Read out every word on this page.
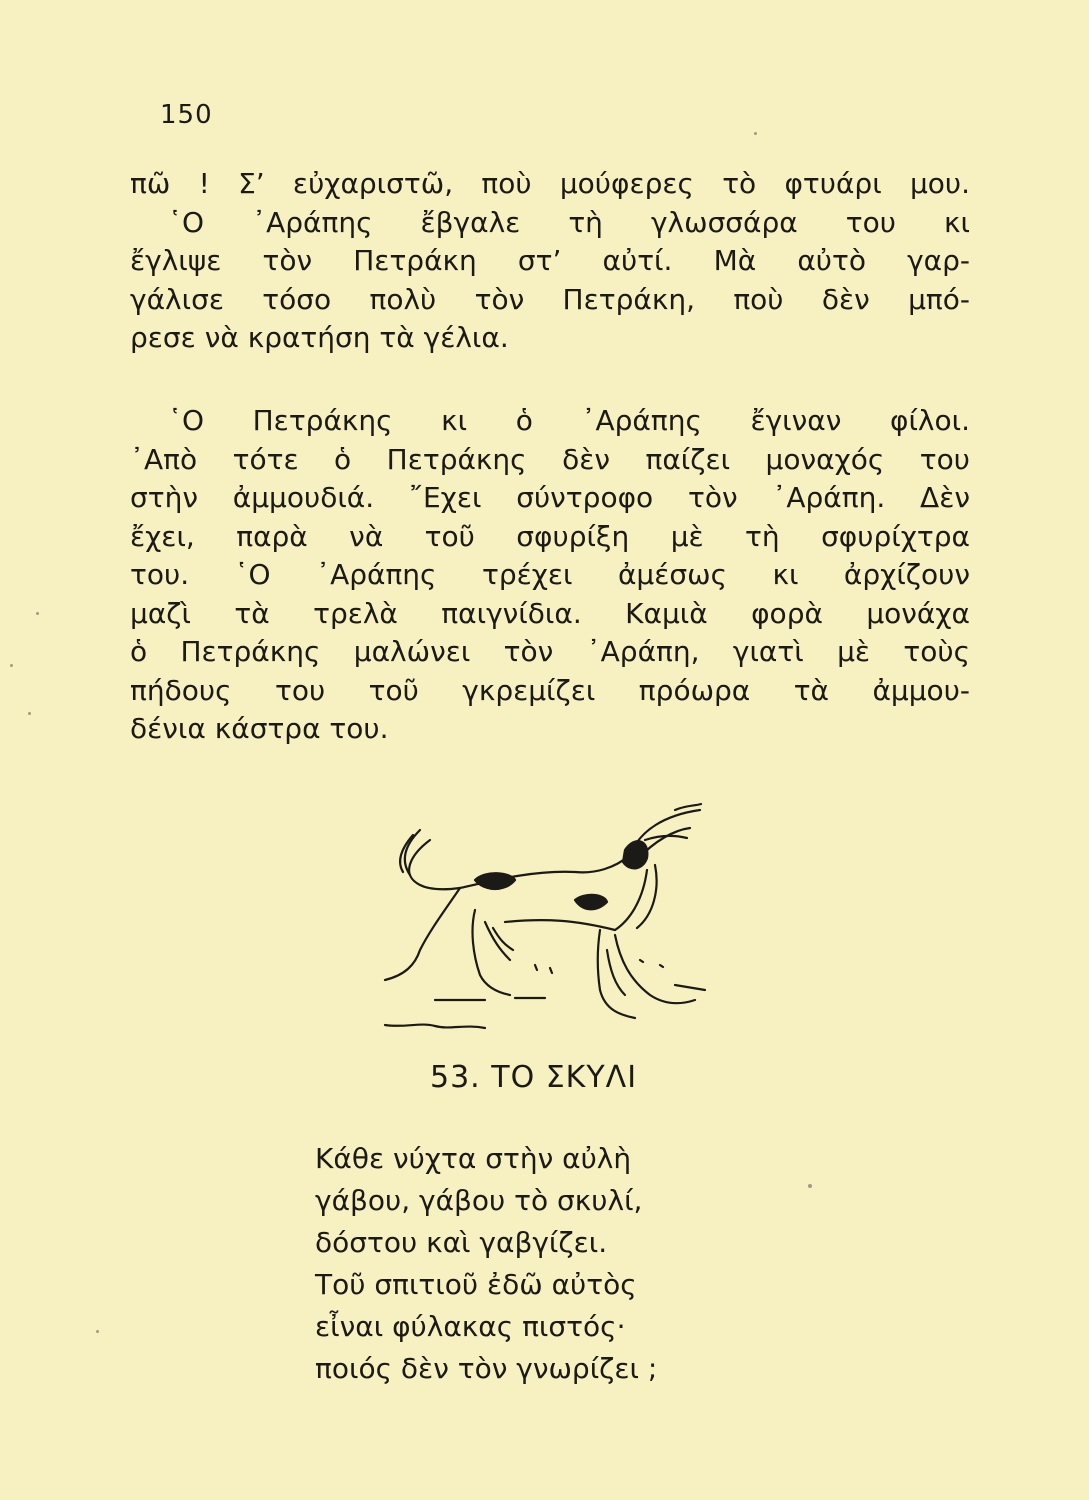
150
πῶ ! Σ’ εὐχαριστῶ, ποὺ μούφερες τὸ φτυάρι μου.
῾Ο ᾿Αράπης ἔβγαλε τὴ γλωσσάρα του κι
ἔγλιψε τὸν Πετράκη στ’ αὐτί. Μὰ αὐτὸ γαρ-
γάλισε τόσο πολὺ τὸν Πετράκη, ποὺ δὲν μπό-
ρεσε νὰ κρατήση τὰ γέλια.
῾Ο Πετράκης κι ὁ ᾿Αράπης ἔγιναν φίλοι.
᾿Απὸ τότε ὁ Πετράκης δὲν παίζει μοναχός του
στὴν ἀμμουδιά. ῎Εχει σύντροφο τὸν ᾿Αράπη. Δὲν
ἔχει, παρὰ νὰ τοῦ σφυρίξη μὲ τὴ σφυρίχτρα
του. ῾Ο ᾿Αράπης τρέχει ἀμέσως κι ἀρχίζουν
μαζὶ τὰ τρελὰ παιγνίδια. Καμιὰ φορὰ μονάχα
ὁ Πετράκης μαλώνει τὸν ᾿Αράπη, γιατὶ μὲ τοὺς
πήδους του τοῦ γκρεμίζει πρόωρα τὰ ἀμμου-
δένια κάστρα του.
53. ΤΟ ΣΚΥΛΙ
Κάθε νύχτα στὴν αὐλὴ
γάβου, γάβου τὸ σκυλί,
δόστου καὶ γαβγίζει.
Τοῦ σπιτιοῦ ἐδῶ αὐτὸς
εἶναι φύλακας πιστός·
ποιός δὲν τὸν γνωρίζει ;
